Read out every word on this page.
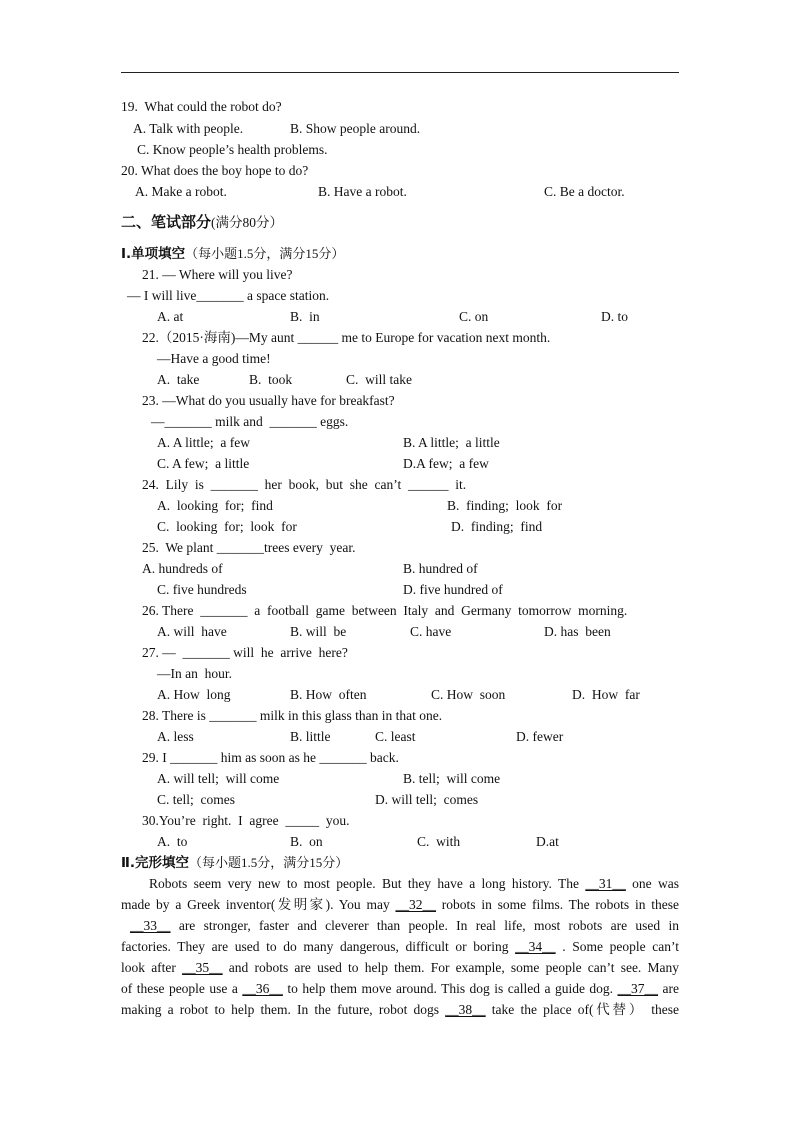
19.  What could the robot do?
A. Talk with people.	B. Show people around.
C. Know people’s health problems.
20. What does the boy hope to do?
A. Make a robot.	B. Have a robot.	C. Be a doctor.
二、笔试部分(满分80分）
Ⅰ.单项填空（每小题1.5分，满分15分）
21. — Where will you live?
— I will live_______ a space station.
A. at	B.  in	C. on	D. to
22.（2015·海南)—My aunt ______ me to Europe for vacation next month.
—Have a good time!
A.  take	B.  took	C.  will take
23. —What do you usually have for breakfast?
—_______ milk and  _______ eggs.
A. A little;  a few	B. A little;  a little
C. A few;  a little	D.A few;  a few
24.  Lily  is  _______  her  book,  but  she  can’t  ______  it.
A.  looking  for;  find	B.  finding;  look  for
C.  looking  for;  look  for	D.  finding;  find
25.  We plant _______trees every  year.
A. hundreds of	B. hundred of
C. five hundreds	D. five hundred of
26. There  _______  a  football  game  between  Italy  and  Germany  tomorrow  morning.
A. will  have	B. will  be	C. have	D. has  been
27. —  _______ will  he  arrive  here?
—In an  hour.
A. How  long	B. How  often	C. How  soon	D.  How  far
28. There is _______ milk in this glass than in that one.
A. less	B. little	C. least	D. fewer
29. I _______ him as soon as he _______ back.
A. will tell;  will come	B. tell;  will come
C. tell;  comes	D. will tell;  comes
30.You’re  right.  I  agree  _____  you.
A.  to	B.  on	C.  with	D.at
Ⅱ.完形填空（每小题1.5分，满分15分）
Robots seem very new to most people. But they have a long history. The __31__ one was
made by a Greek inventor(发明家). You may __32__ robots in some films. The robots in these
__33__ are stronger, faster and cleverer than people. In real life, most robots are used in
factories. They are used to do many dangerous, difficult or boring __34__ . Some people can’t
look after __35__ and robots are used to help them. For example, some people can’t see. Many
of these people use a __36__ to help them move around. This dog is called a guide dog. __37__ are
making a robot to help them. In the future, robot dogs __38__ take the place of(代替） these
